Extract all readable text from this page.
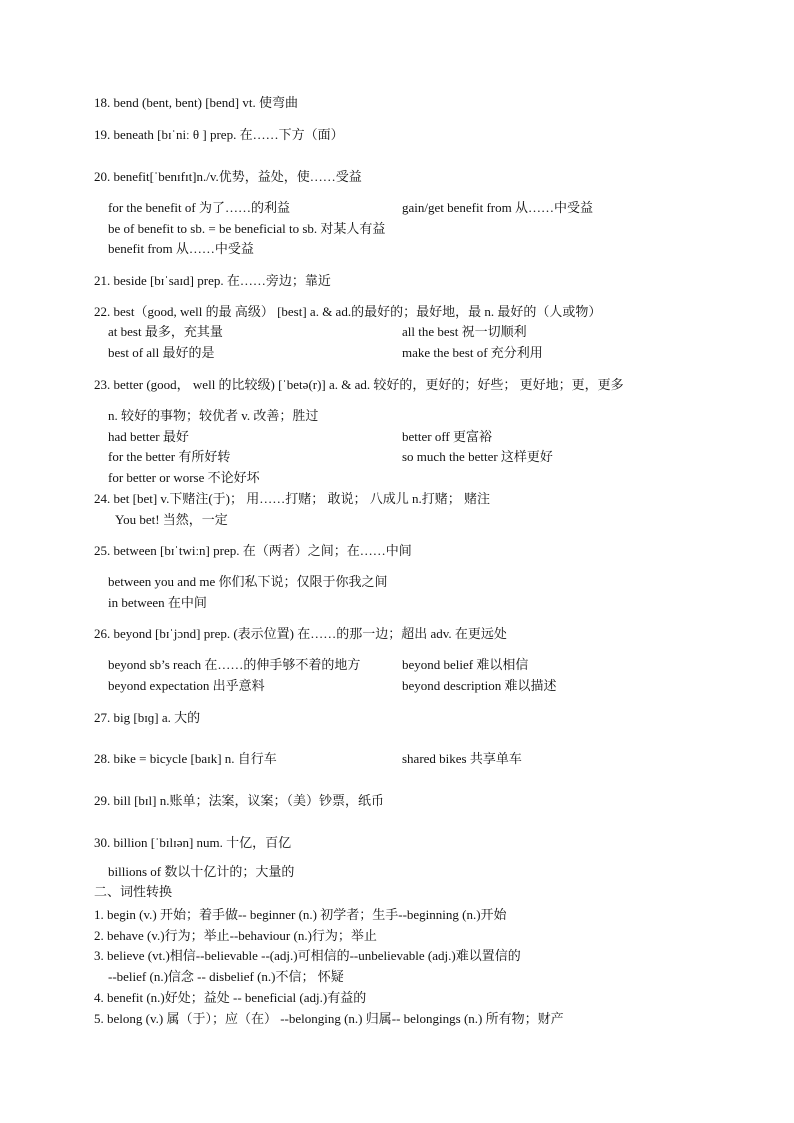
18. bend (bent, bent) [bend] vt. 使弯曲
19. beneath [bɪˈniː θ ] prep. 在……下方（面）
20. benefit[ˈbenɪfɪt]n./v.优势，益处，使……受益
for the benefit of 为了……的利益	gain/get benefit from 从……中受益
be of benefit to sb. = be beneficial to sb. 对某人有益
benefit from 从……中受益
21. beside [bɪˈsaɪd] prep. 在……旁边；靠近
22. best（good, well 的最 高级） [best] a. & ad.的最好的；最好地，最 n. 最好的（人或物）
at best 最多，充其量	all the best 祝一切顺利
best of all 最好的是	make the best of 充分利用
23. better (good， well 的比较级) [ˈbetə(r)] a. & ad. 较好的，更好的；好些； 更好地；更，更多
n. 较好的事物；较优者 v. 改善；胜过
had better 最好	better off 更富裕
for the better 有所好转	so much the better 这样更好
for better or worse 不论好坏
24. bet [bet] v.下赌注(于)； 用……打赌； 敢说； 八成儿 n.打赌； 赌注
You bet! 当然，一定
25. between [bɪˈtwiːn] prep. 在（两者）之间；在……中间
between you and me 你们私下说；仅限于你我之间
in between 在中间
26. beyond [bɪˈjɔnd] prep. (表示位置) 在……的那一边；超出 adv. 在更远处
beyond sb’s reach 在……的伸手够不着的地方	beyond belief 难以相信
beyond expectation 出乎意料	beyond description 难以描述
27. big [bɪɡ] a. 大的
28. bike = bicycle [baɪk] n. 自行车	shared bikes 共享单车
29. bill [bɪl] n.账单；法案，议案；（美）钞票，纸币
30. billion [ˈbɪlɪən] num. 十亿，百亿
billions of 数以十亿计的；大量的
二、词性转换
1. begin (v.) 开始；着手做-- beginner (n.) 初学者；生手--beginning (n.)开始
2. behave (v.)行为；举止--behaviour (n.)行为；举止
3. believe (vt.)相信--believable --(adj.)可相信的--unbelievable (adj.)难以置信的
--belief (n.)信念 -- disbelief (n.)不信； 怀疑
4. benefit (n.)好处；益处 -- beneficial (adj.)有益的
5. belong (v.) 属（于）；应（在） --belonging (n.) 归属-- belongings (n.) 所有物；财产
